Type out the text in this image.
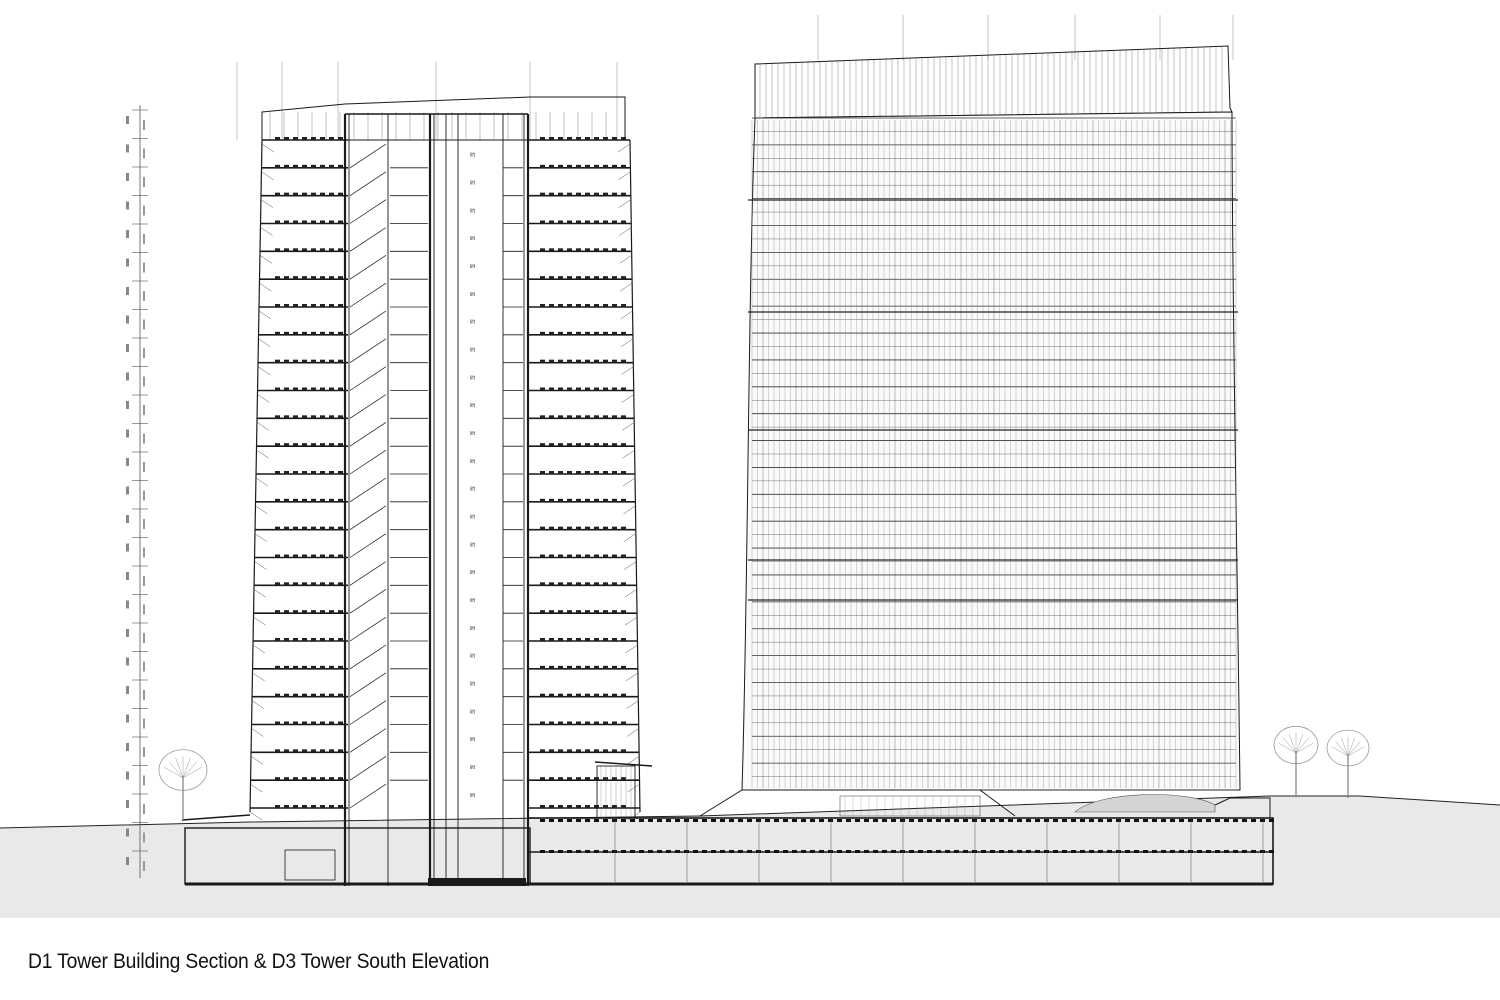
lift
lift
lift
lift
lift
lift
lift
lift
lift
lift
lift
lift
lift
lift
lift
lift
lift
lift
lift
lift
lift
lift
lift
lift
D1 Tower Building Section & D3 Tower South Elevation
